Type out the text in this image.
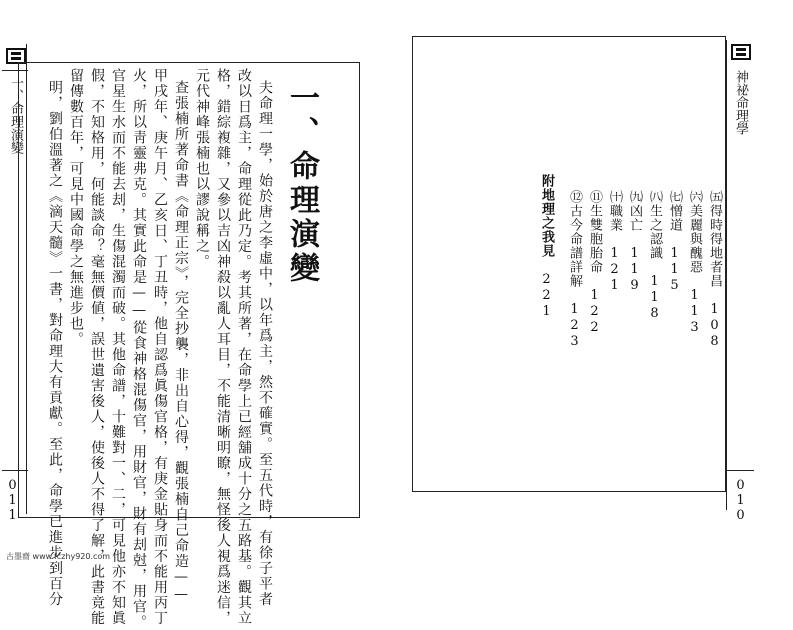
一、命理演變
011
一、命理演變
夫命理一學，始於唐之李虛中，以年爲主，然不確實。至五代時，有徐子平者
改以日爲主，命理從此乃定。考其所著，在命學上已經舖成十分之五路基。觀其立
格，錯綜複雜，又參以吉凶神殺以亂人耳目，不能清晰明瞭，無怪後人視爲迷信，
元代神峰張楠也以謬說稱之。
查張楠所著命書《命理正宗》，完全抄襲，非出自心得，觀張楠自己命造——
甲戌年、庚午月、乙亥日、丁丑時，他自認爲眞傷官格，有庚金貼身而不能用丙丁
火，所以靑靈弗克。其實此命是——從食神格混傷官，用財官，財有刦尅，用官。
官星生水而不能去刦，生傷混濁而破。其他命譜，十難對一、二，可見他亦不知眞
假，不知格用，何能談命？毫無價値，誤世遺害後人，使後人不得了解，此書竟能
留傳數百年，可見中國命學之無進步也。
明，劉伯溫著之《滴天髓》一書，對命理大有貢獻。至此，命學已進步到百分	神祕命理學
010
㈤得時得地者昌　108
㈥美麗與醜惡　113
㈦憎道　115
㈧生之認識　118
㈨凶亡　119
㈩職業　121
⑪生雙胞胎命　122
⑫古今命譜詳解　123
附地理之我見　221
古墨齋 www.fczhy920.com
